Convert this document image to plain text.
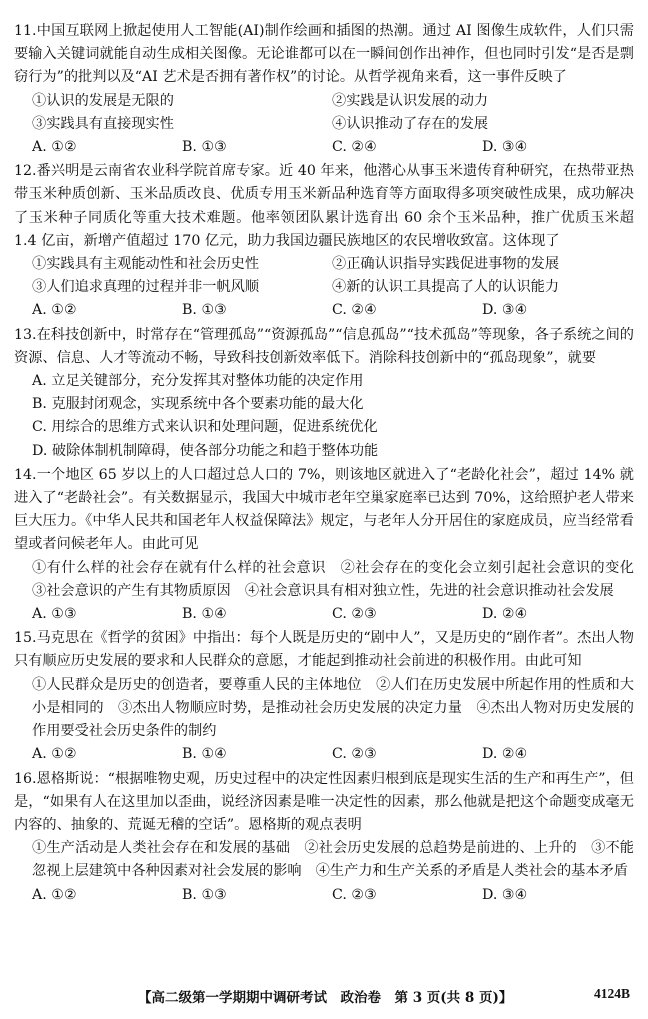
11.中国互联网上掀起使用人工智能(AI)制作绘画和插图的热潮。通过 AI 图像生成软件，人们只需要输入关键词就能自动生成相关图像。无论谁都可以在一瞬间创作出神作，但也同时引发“是否是剽窃行为”的批判以及“AI 艺术是否拥有著作权”的讨论。从哲学视角来看，这一事件反映了
①认识的发展是无限的	②实践是认识发展的动力
③实践具有直接现实性	④认识推动了存在的发展
A. ①②	B. ①③	C. ②④	D. ③④
12.番兴明是云南省农业科学院首席专家。近 40 年来，他潜心从事玉米遗传育种研究，在热带亚热带玉米种质创新、玉米品质改良、优质专用玉米新品种选育等方面取得多项突破性成果，成功解决了玉米种子同质化等重大技术难题。他率领团队累计选育出 60 余个玉米品种，推广优质玉米超 1.4 亿亩，新增产值超过 170 亿元，助力我国边疆民族地区的农民增收致富。这体现了
①实践具有主观能动性和社会历史性	②正确认识指导实践促进事物的发展
③人们追求真理的过程并非一帆风顺	④新的认识工具提高了人的认识能力
A. ①②	B. ①③	C. ②④	D. ③④
13.在科技创新中，时常存在“管理孤岛”“资源孤岛”“信息孤岛”“技术孤岛”等现象，各子系统之间的资源、信息、人才等流动不畅，导致科技创新效率低下。消除科技创新中的“孤岛现象”，就要
A. 立足关键部分，充分发挥其对整体功能的决定作用
B. 克服封闭观念，实现系统中各个要素功能的最大化
C. 用综合的思维方式来认识和处理问题，促进系统优化
D. 破除体制机制障碍，使各部分功能之和趋于整体功能
14.一个地区 65 岁以上的人口超过总人口的 7%，则该地区就进入了“老龄化社会”，超过 14% 就进入了“老龄社会”。有关数据显示，我国大中城市老年空巢家庭率已达到 70%，这给照护老人带来巨大压力。《中华人民共和国老年人权益保障法》规定，与老年人分开居住的家庭成员，应当经常看望或者问候老年人。由此可见
①有什么样的社会存在就有什么样的社会意识　②社会存在的变化会立刻引起社会意识的变化　③社会意识的产生有其物质原因　④社会意识具有相对独立性，先进的社会意识推动社会发展
A. ①③	B. ①④	C. ②③	D. ②④
15.马克思在《哲学的贫困》中指出：每个人既是历史的“剧中人”，又是历史的“剧作者”。杰出人物只有顺应历史发展的要求和人民群众的意愿，才能起到推动社会前进的积极作用。由此可知
①人民群众是历史的创造者，要尊重人民的主体地位　②人们在历史发展中所起作用的性质和大小是相同的　③杰出人物顺应时势，是推动社会历史发展的决定力量　④杰出人物对历史发展的作用要受社会历史条件的制约
A. ①②	B. ①④	C. ②③	D. ②④
16.恩格斯说：“根据唯物史观，历史过程中的决定性因素归根到底是现实生活的生产和再生产”，但是，“如果有人在这里加以歪曲，说经济因素是唯一决定性的因素，那么他就是把这个命题变成毫无内容的、抽象的、荒诞无稽的空话”。恩格斯的观点表明
①生产活动是人类社会存在和发展的基础　②社会历史发展的总趋势是前进的、上升的　③不能忽视上层建筑中各种因素对社会发展的影响　④生产力和生产关系的矛盾是人类社会的基本矛盾
A. ①②	B. ①③	C. ②③	D. ③④
【高二级第一学期期中调研考试　政治卷　第 3 页(共 8 页)】	4124B
